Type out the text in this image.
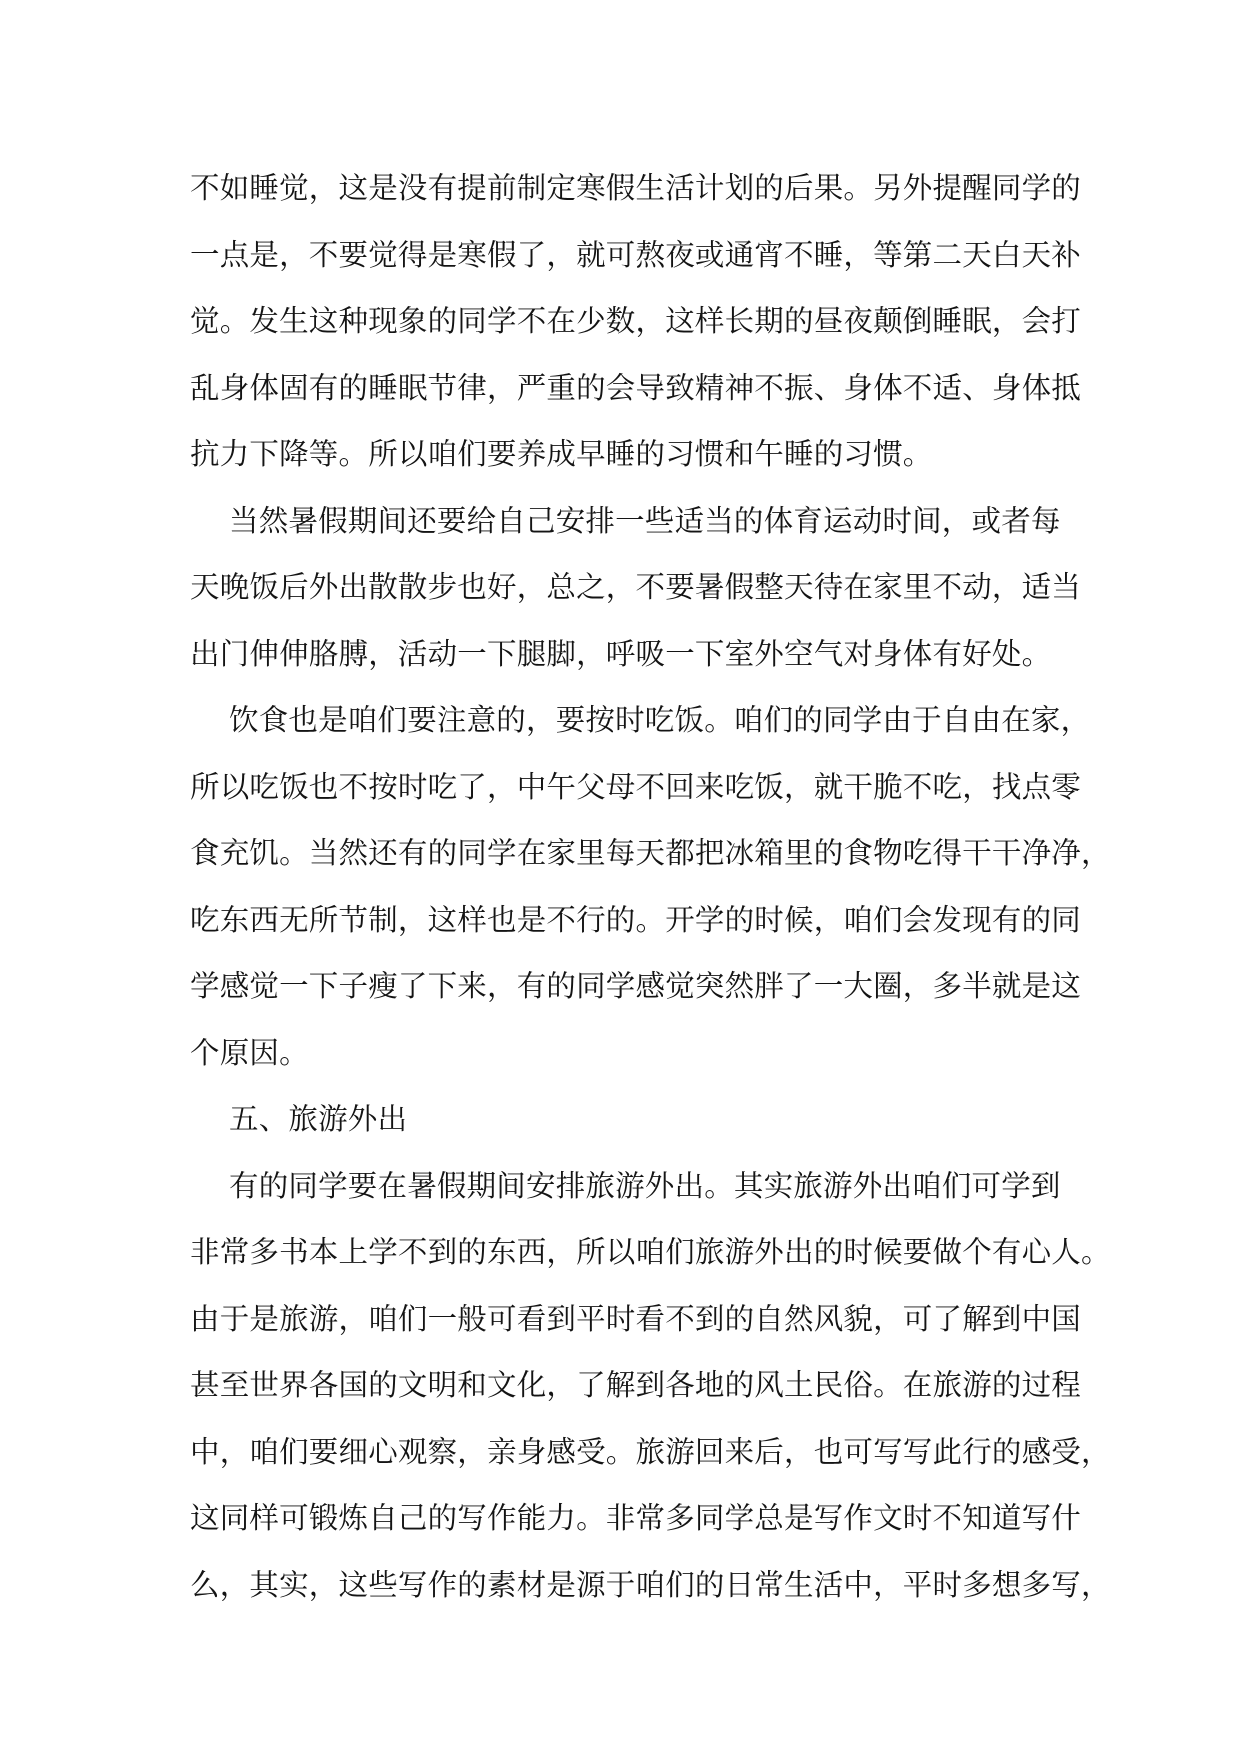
不如睡觉，这是没有提前制定寒假生活计划的后果。另外提醒同学的
一点是，不要觉得是寒假了，就可熬夜或通宵不睡，等第二天白天补
觉。发生这种现象的同学不在少数，这样长期的昼夜颠倒睡眠，会打
乱身体固有的睡眠节律，严重的会导致精神不振、身体不适、身体抵
抗力下降等。所以咱们要养成早睡的习惯和午睡的习惯。
当然暑假期间还要给自己安排一些适当的体育运动时间，或者每
天晚饭后外出散散步也好，总之，不要暑假整天待在家里不动，适当
出门伸伸胳膊，活动一下腿脚，呼吸一下室外空气对身体有好处。
饮食也是咱们要注意的，要按时吃饭。咱们的同学由于自由在家，
所以吃饭也不按时吃了，中午父母不回来吃饭，就干脆不吃，找点零
食充饥。当然还有的同学在家里每天都把冰箱里的食物吃得干干净净，
吃东西无所节制，这样也是不行的。开学的时候，咱们会发现有的同
学感觉一下子瘦了下来，有的同学感觉突然胖了一大圈，多半就是这
个原因。
五、旅游外出
有的同学要在暑假期间安排旅游外出。其实旅游外出咱们可学到
非常多书本上学不到的东西，所以咱们旅游外出的时候要做个有心人。
由于是旅游，咱们一般可看到平时看不到的自然风貌，可了解到中国
甚至世界各国的文明和文化，了解到各地的风土民俗。在旅游的过程
中，咱们要细心观察，亲身感受。旅游回来后，也可写写此行的感受，
这同样可锻炼自己的写作能力。非常多同学总是写作文时不知道写什
么，其实，这些写作的素材是源于咱们的日常生活中，平时多想多写，
